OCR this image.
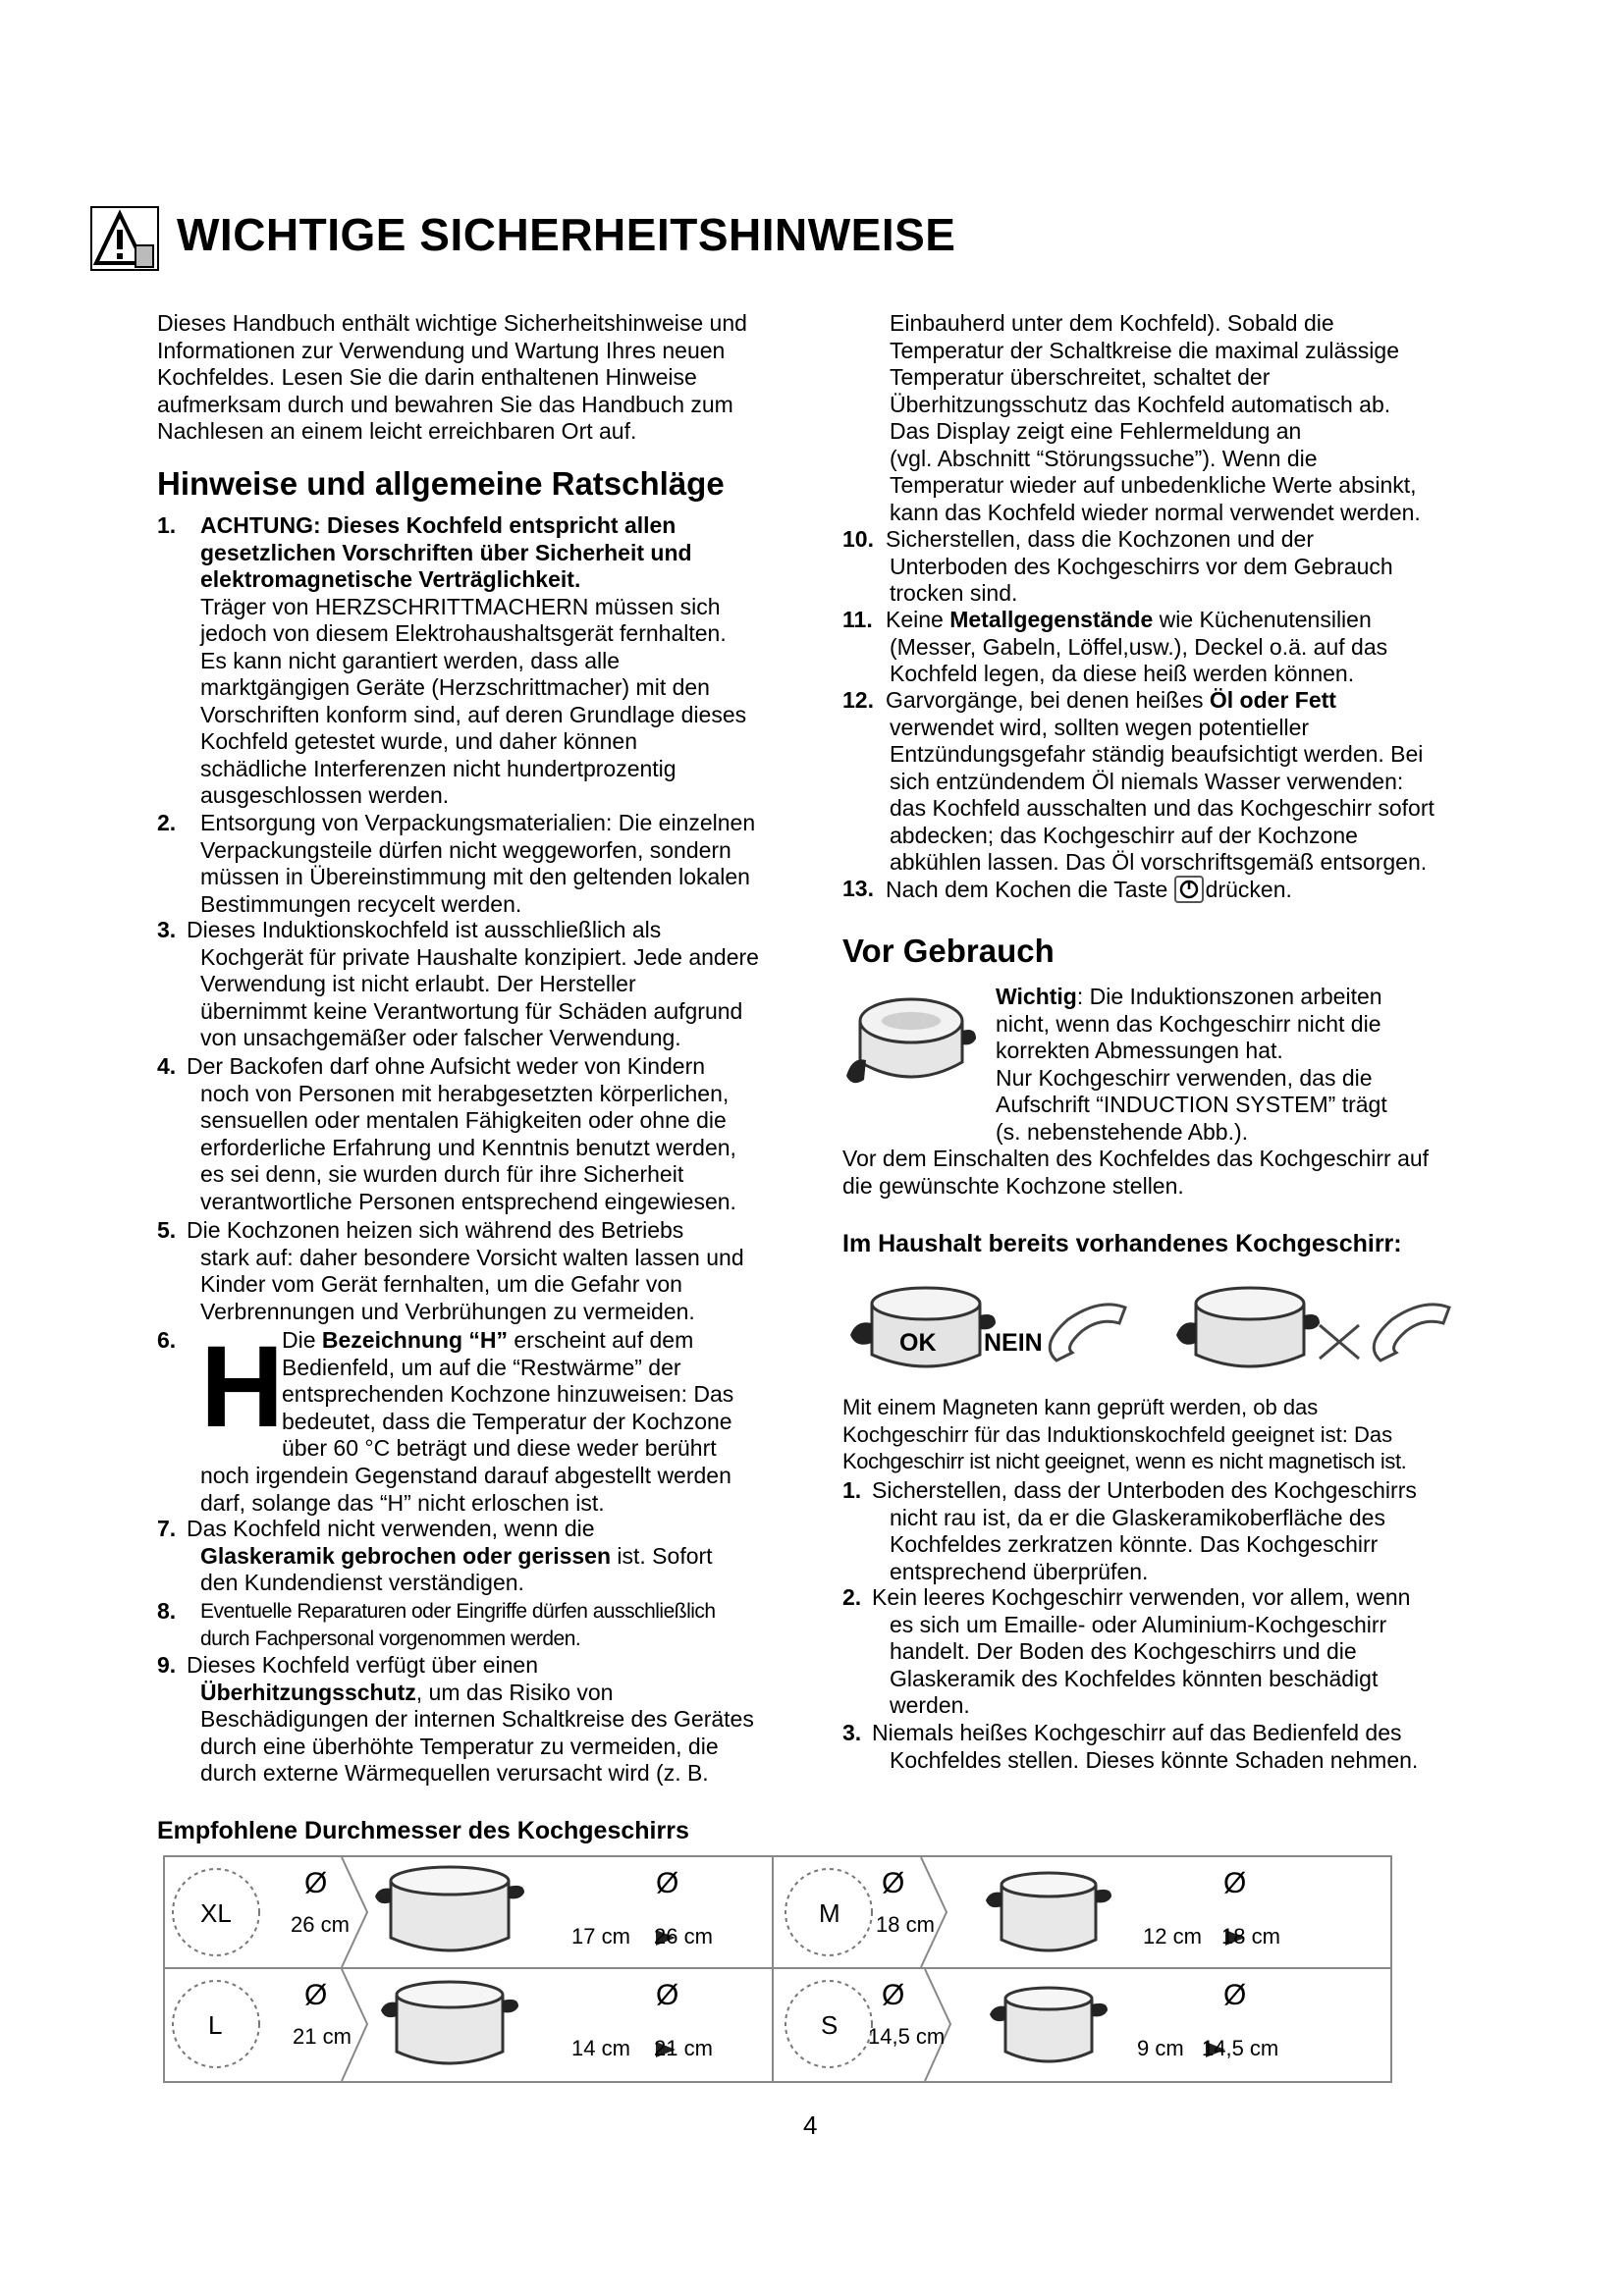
WICHTIGE SICHERHEITSHINWEISE
Dieses Handbuch enthält wichtige Sicherheitshinweise und
Informationen zur Verwendung und Wartung Ihres neuen
Kochfeldes. Lesen Sie die darin enthaltenen Hinweise
aufmerksam durch und bewahren Sie das Handbuch zum
Nachlesen an einem leicht erreichbaren Ort auf.
Hinweise und allgemeine Ratschläge
1. ACHTUNG: Dieses Kochfeld entspricht allen
gesetzlichen Vorschriften über Sicherheit und
elektromagnetische Verträglichkeit.
Träger von HERZSCHRITTMACHERN müssen sich
jedoch von diesem Elektrohaushaltsgerät fernhalten.
Es kann nicht garantiert werden, dass alle
marktgängigen Geräte (Herzschrittmacher) mit den
Vorschriften konform sind, auf deren Grundlage dieses
Kochfeld getestet wurde, und daher können
schädliche Interferenzen nicht hundertprozentig
ausgeschlossen werden.
2. Entsorgung von Verpackungsmaterialien: Die einzelnen
Verpackungsteile dürfen nicht weggeworfen, sondern
müssen in Übereinstimmung mit den geltenden lokalen
Bestimmungen recycelt werden.
3. Dieses Induktionskochfeld ist ausschließlich als
Kochgerät für private Haushalte konzipiert. Jede andere
Verwendung ist nicht erlaubt. Der Hersteller
übernimmt keine Verantwortung für Schäden aufgrund
von unsachgemäßer oder falscher Verwendung.
4. Der Backofen darf ohne Aufsicht weder von Kindern
noch von Personen mit herabgesetzten körperlichen,
sensuellen oder mentalen Fähigkeiten oder ohne die
erforderliche Erfahrung und Kenntnis benutzt werden,
es sei denn, sie wurden durch für ihre Sicherheit
verantwortliche Personen entsprechend eingewiesen.
5. Die Kochzonen heizen sich während des Betriebs
stark auf: daher besondere Vorsicht walten lassen und
Kinder vom Gerät fernhalten, um die Gefahr von
Verbrennungen und Verbrühungen zu vermeiden.
6. H
Die Bezeichnung “H” erscheint auf dem
Bedienfeld, um auf die “Restwärme” der
entsprechenden Kochzone hinzuweisen: Das
bedeutet, dass die Temperatur der Kochzone
über 60 °C beträgt und diese weder berührt
noch irgendein Gegenstand darauf abgestellt werden
darf, solange das “H” nicht erloschen ist.
7. Das Kochfeld nicht verwenden, wenn die
Glaskeramik gebrochen oder gerissen ist. Sofort
den Kundendienst verständigen.
8. Eventuelle Reparaturen oder Eingriffe dürfen ausschließlich
durch Fachpersonal vorgenommen werden.
9. Dieses Kochfeld verfügt über einen
Überhitzungsschutz, um das Risiko von
Beschädigungen der internen Schaltkreise des Gerätes
durch eine überhöhte Temperatur zu vermeiden, die
durch externe Wärmequellen verursacht wird (z. B.
Einbauherd unter dem Kochfeld). Sobald die
Temperatur der Schaltkreise die maximal zulässige
Temperatur überschreitet, schaltet der
Überhitzungsschutz das Kochfeld automatisch ab.
Das Display zeigt eine Fehlermeldung an
(vgl. Abschnitt “Störungssuche”). Wenn die
Temperatur wieder auf unbedenkliche Werte absinkt,
kann das Kochfeld wieder normal verwendet werden.
10. Sicherstellen, dass die Kochzonen und der
Unterboden des Kochgeschirrs vor dem Gebrauch
trocken sind.
11. Keine Metallgegenstände wie Küchenutensilien
(Messer, Gabeln, Löffel,usw.), Deckel o.ä. auf das
Kochfeld legen, da diese heiß werden können.
12. Garvorgänge, bei denen heißes Öl oder Fett
verwendet wird, sollten wegen potentieller
Entzündungsgefahr ständig beaufsichtigt werden. Bei
sich entzündendem Öl niemals Wasser verwenden:
das Kochfeld ausschalten und das Kochgeschirr sofort
abdecken; das Kochgeschirr auf der Kochzone
abkühlen lassen. Das Öl vorschriftsgemäß entsorgen.
13. Nach dem Kochen die Taste drücken.
Vor Gebrauch
Wichtig: Die Induktionszonen arbeiten
nicht, wenn das Kochgeschirr nicht die
korrekten Abmessungen hat.
Nur Kochgeschirr verwenden, das die
Aufschrift “INDUCTION SYSTEM” trägt
(s. nebenstehende Abb.).
Vor dem Einschalten des Kochfeldes das Kochgeschirr auf
die gewünschte Kochzone stellen.
Im Haushalt bereits vorhandenes Kochgeschirr:
OK NEIN
Mit einem Magneten kann geprüft werden, ob das
Kochgeschirr für das Induktionskochfeld geeignet ist: Das
Kochgeschirr ist nicht geeignet, wenn es nicht magnetisch ist.
1. Sicherstellen, dass der Unterboden des Kochgeschirrs
nicht rau ist, da er die Glaskeramikoberfläche des
Kochfeldes zerkratzen könnte. Das Kochgeschirr
entsprechend überprüfen.
2. Kein leeres Kochgeschirr verwenden, vor allem, wenn
es sich um Emaille- oder Aluminium-Kochgeschirr
handelt. Der Boden des Kochgeschirrs und die
Glaskeramik des Kochfeldes könnten beschädigt
werden.
3. Niemals heißes Kochgeschirr auf das Bedienfeld des
Kochfeldes stellen. Dieses könnte Schaden nehmen.
Empfohlene Durchmesser des Kochgeschirrs
XL
Ø
26 cm
Ø
17 cm 26 cm
M
Ø
18 cm
Ø
12 cm 18 cm
L
Ø
21 cm
Ø
14 cm 21 cm
S
Ø
14,5 cm
Ø
9 cm 14,5 cm
4
